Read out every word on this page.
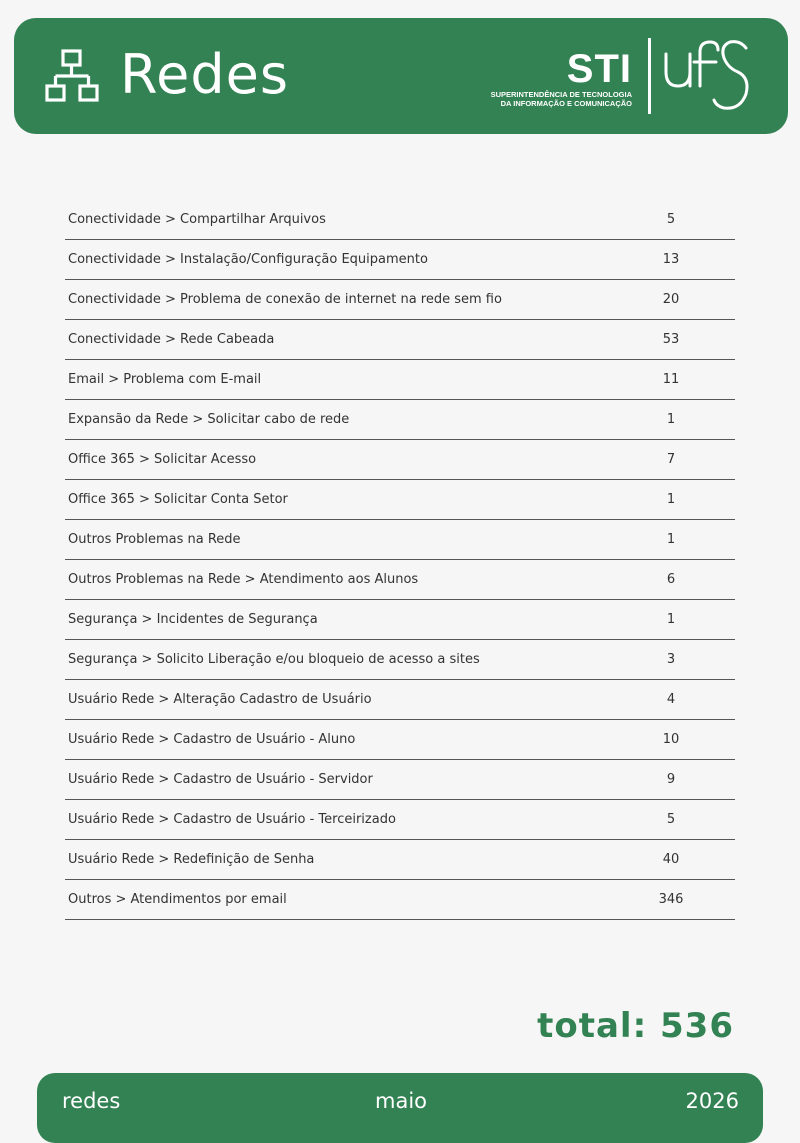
Redes	STI
SUPERINTENDÊNCIA DE TECNOLOGIA
DA INFORMAÇÃO E COMUNICAÇÃO
Conectividade > Compartilhar Arquivos	5
Conectividade > Instalação/Configuração Equipamento	13
Conectividade > Problema de conexão de internet na rede sem fio	20
Conectividade > Rede Cabeada	53
Email > Problema com E-mail	11
Expansão da Rede > Solicitar cabo de rede	1
Office 365 > Solicitar Acesso	7
Office 365 > Solicitar Conta Setor	1
Outros Problemas na Rede	1
Outros Problemas na Rede > Atendimento aos Alunos	6
Segurança > Incidentes de Segurança	1
Segurança > Solicito Liberação e/ou bloqueio de acesso a sites	3
Usuário Rede > Alteração Cadastro de Usuário	4
Usuário Rede > Cadastro de Usuário - Aluno	10
Usuário Rede > Cadastro de Usuário - Servidor	9
Usuário Rede > Cadastro de Usuário - Terceirizado	5
Usuário Rede > Redefinição de Senha	40
Outros > Atendimentos por email	346
total: 536
redes	maio	2026
